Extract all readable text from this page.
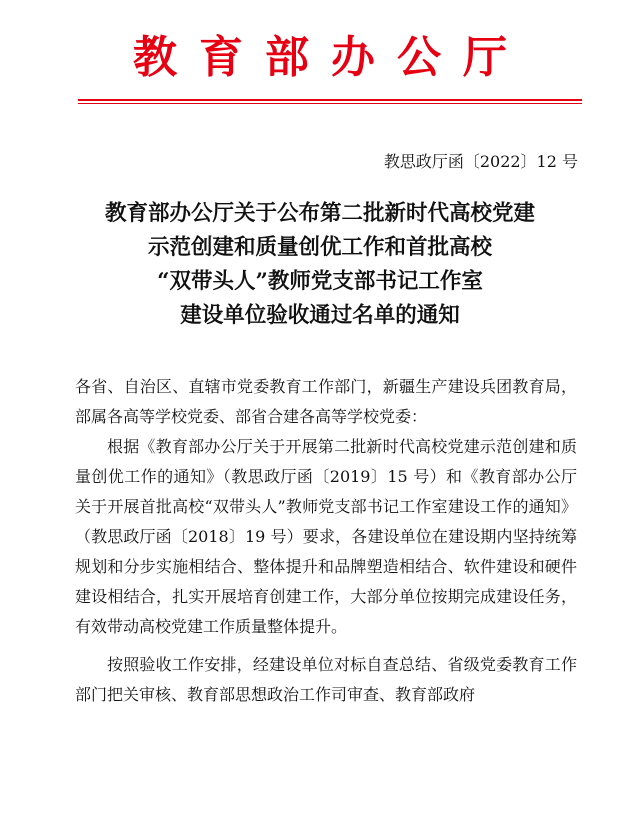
教育部办公厅
教思政厅函〔2022〕12 号
教育部办公厅关于公布第二批新时代高校党建
示范创建和质量创优工作和首批高校
“双带头人”教师党支部书记工作室
建设单位验收通过名单的通知

各省、自治区、直辖市党委教育工作部门，新疆生产建设兵团教育局，部属各高等学校党委、部省合建各高等学校党委：

根据《教育部办公厅关于开展第二批新时代高校党建示范创建和质量创优工作的通知》（教思政厅函〔2019〕15 号）和《教育部办公厅关于开展首批高校“双带头人”教师党支部书记工作室建设工作的通知》（教思政厅函〔2018〕19 号）要求，各建设单位在建设期内坚持统筹规划和分步实施相结合、整体提升和品牌塑造相结合、软件建设和硬件建设相结合，扎实开展培育创建工作，大部分单位按期完成建设任务，有效带动高校党建工作质量整体提升。

按照验收工作安排，经建设单位对标自查总结、省级党委教育工作部门把关审核、教育部思想政治工作司审查、教育部政府
